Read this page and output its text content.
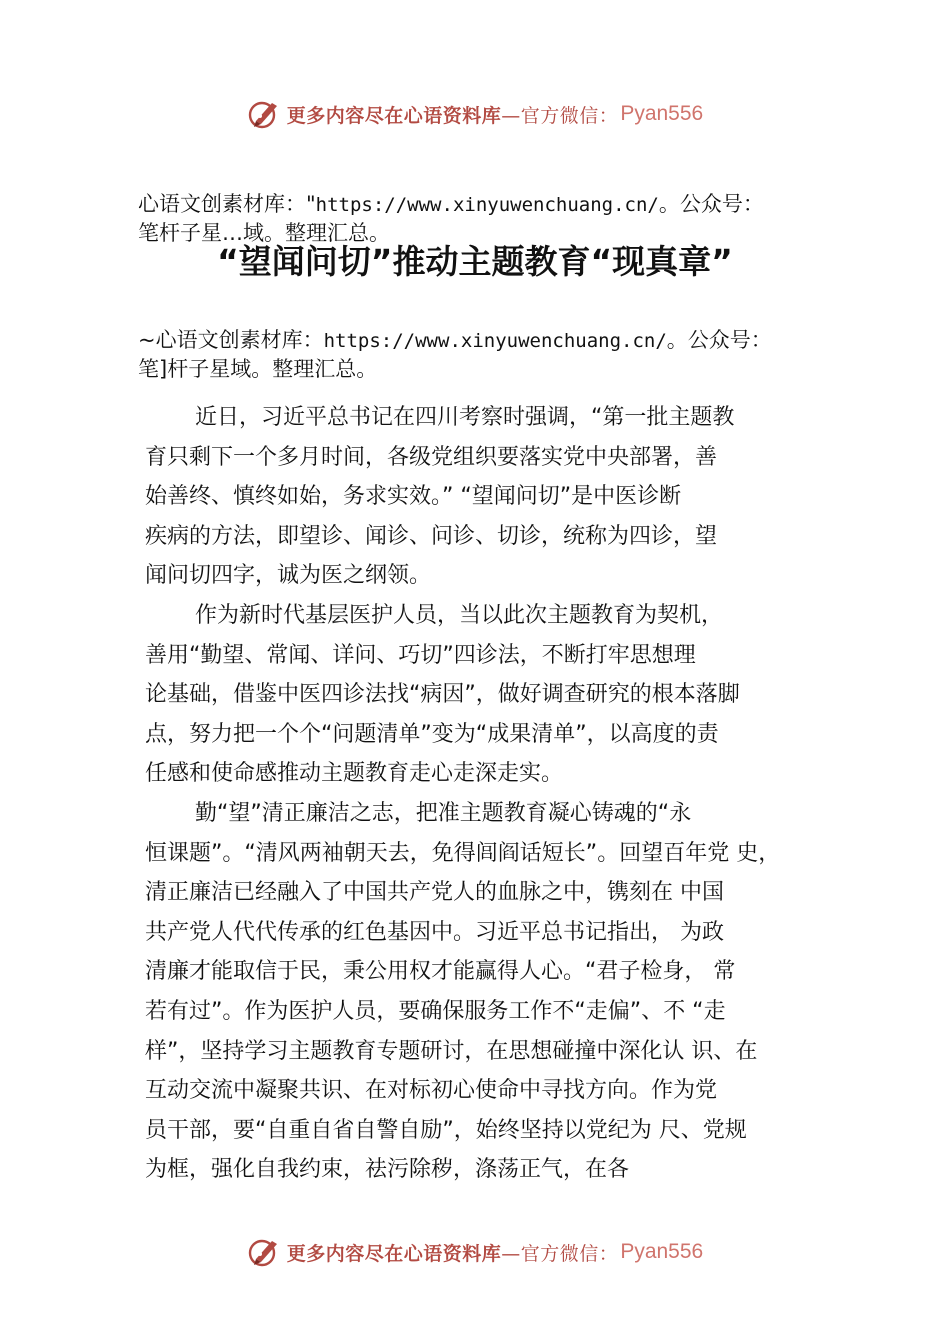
更多内容尽在心语资料库 —官方微信： Pyan556
心语文创素材库："https://www.xinyuwenchuang.cn/。公众号：
笔杆子星…域。整理汇总。
“望闻问切”推动主题教育“现真章”
~心语文创素材库：https://www.xinyuwenchuang.cn/。公众号：
笔]杆子星域。整理汇总。
近日，习近平总书记在四川考察时强调，“第一批主题教
育只剩下一个多月时间，各级党组织要落实党中央部署，善
始善终、慎终如始，务求实效。” “望闻问切”是中医诊断
疾病的方法，即望诊、闻诊、问诊、切诊，统称为四诊，望
闻问切四字，诚为医之纲领。
作为新时代基层医护人员，当以此次主题教育为契机，
善用“勤望、常闻、详问、巧切”四诊法，不断打牢思想理
论基础，借鉴中医四诊法找“病因”，做好调查研究的根本落脚
点，努力把一个个“问题清单”变为“成果清单”，以高度的责
任感和使命感推动主题教育走心走深走实。
勤“望”清正廉洁之志，把准主题教育凝心铸魂的“永
恒课题”。“清风两袖朝天去，免得闾阎话短长”。回望百年党 史，
清正廉洁已经融入了中国共产党人的血脉之中，镌刻在 中国
共产党人代代传承的红色基因中。习近平总书记指出， 为政
清廉才能取信于民，秉公用权才能赢得人心。“君子检身， 常
若有过”。作为医护人员，要确保服务工作不“走偏”、不 “走
样”，坚持学习主题教育专题研讨，在思想碰撞中深化认 识、在
互动交流中凝聚共识、在对标初心使命中寻找方向。作为党
员干部，要“自重自省自警自励”，始终坚持以党纪为 尺、党规
为框，强化自我约束，祛污除秽，涤荡正气，在各
更多内容尽在心语资料库 —官方微信： Pyan556
